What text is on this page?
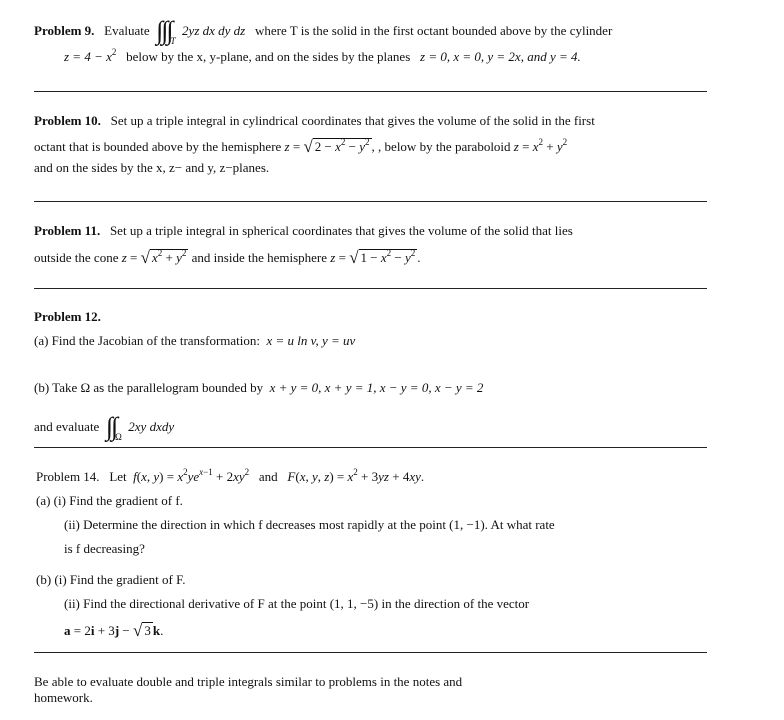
Problem 9. Evaluate $\int\int\int_T$  2yz dx dy dz where T is the solid in the first octant bounded above by the cylinder
$z = 4 - x^2$ below by the x, y-plane, and on the sides by the planes z = 0, x = 0, y = 2x, and y = 4.
Problem 10. Set up a triple integral in cylindrical coordinates that gives the volume of the solid in the first
octant that is bounded above by the hemisphere z = √ $2 - x^2 - y^2$ , , below by the paraboloid $z = x^2 + y^2$
and on the sides by the x, z− and y, z−planes.
Problem 11. Set up a triple integral in spherical coordinates that gives the volume of the solid that lies
outside the cone z = √ $x^2 + y^2$ and inside the hemisphere z = √ $1 - x^2 - y^2$ .
Problem 12.
(a) Find the Jacobian of the transformation: x = u ln v, y = uv
(b) Take Ω as the parallelogram bounded by x + y = 0, x + y = 1, x − y = 0, x − y = 2
and evaluate $\int\int_\Omega$  2xy dxdy
Problem 14. Let f(x, $y) = x^2ye^{x-1} + 2xy^2$ and F(x, y, $z) = x^2 + 3yz + 4xy$.
(a) (i) Find the gradient of f.
(ii) Determine the direction in which f decreases most rapidly at the point (1, −1). At what rate
is f decreasing?
(b) (i) Find the gradient of F.
(ii) Find the directional derivative of F at the point (1, 1, −5) in the direction of the vector
a = 2i + 3j − √ 3 k.
Be able to evaluate double and triple integrals similar to problems in the notes and
homework.
